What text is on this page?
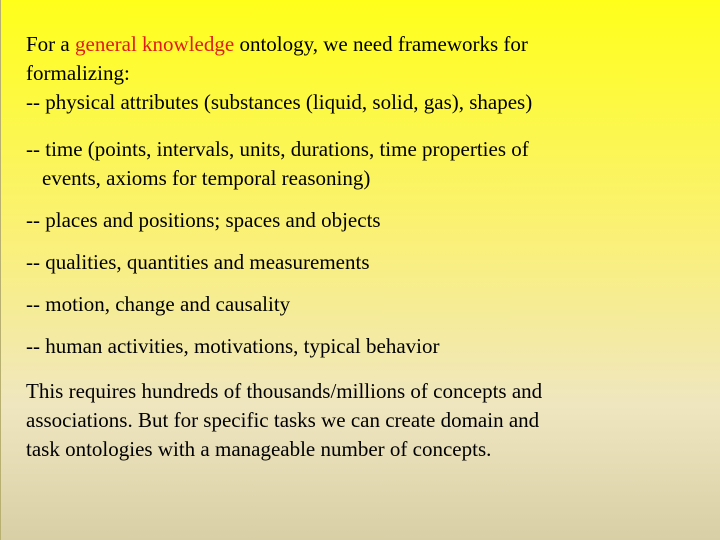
For a general knowledge ontology, we need frameworks for

formalizing:

-- physical attributes (substances (liquid, solid, gas), shapes)

-- time (points, intervals, units, durations, time properties of

events, axioms for temporal reasoning)

-- places and positions; spaces and objects

-- qualities, quantities and measurements

-- motion, change and causality

-- human activities, motivations, typical behavior

This requires hundreds of thousands/millions of concepts and

associations. But for specific tasks we can create domain and

task ontologies with a manageable number of concepts.
